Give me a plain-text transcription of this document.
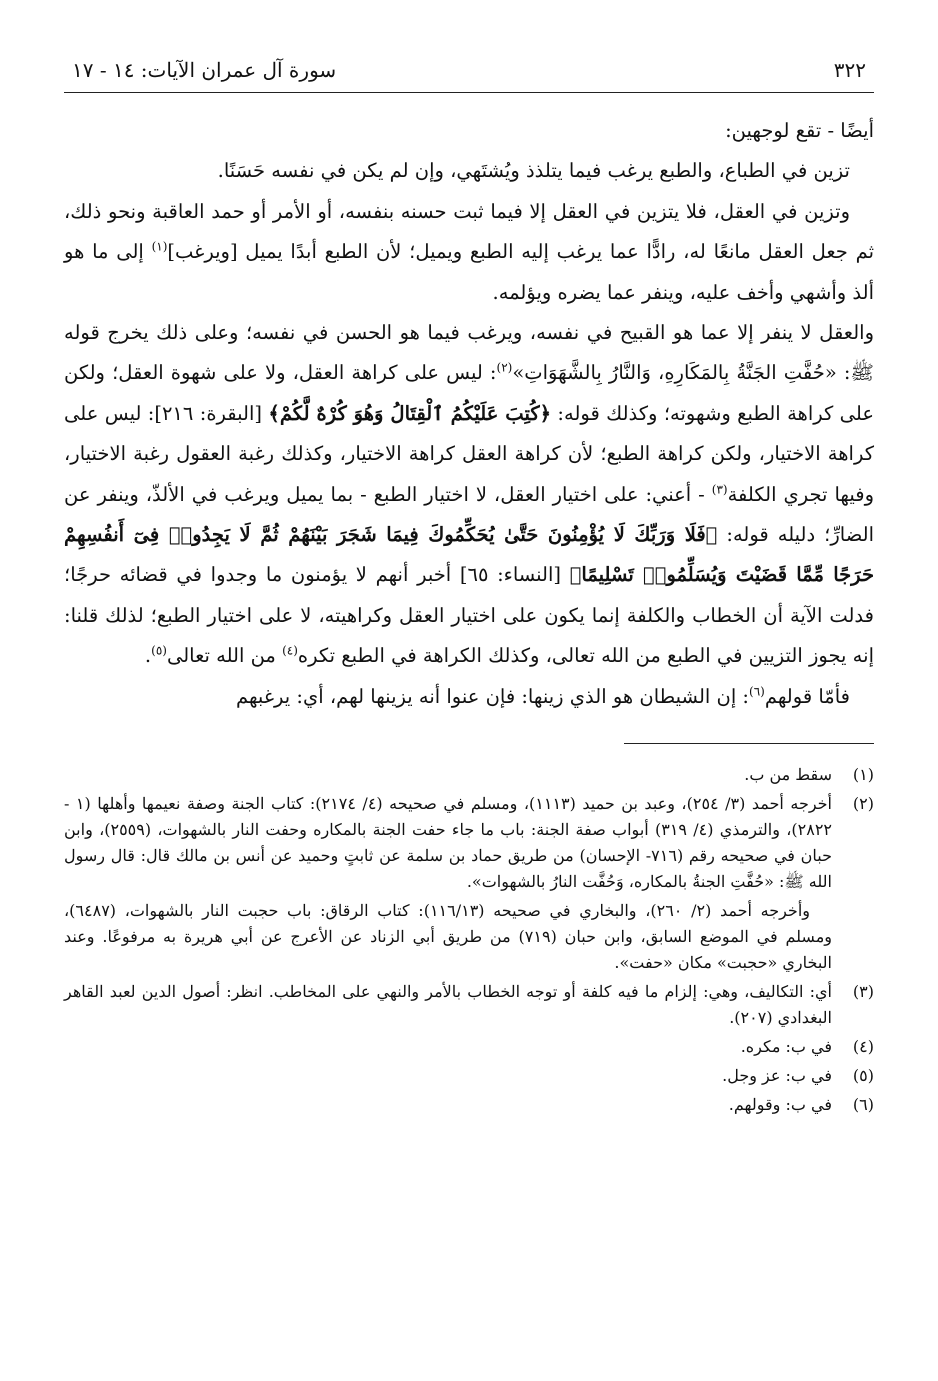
٣٢٢
سورة آل عمران الآيات: ١٤ - ١٧

أيضًا - تقع لوجهين:

تزين في الطباع، والطبع يرغب فيما يتلذذ ويُشتَهي، وإن لم يكن في نفسه حَسَنًا.

وتزين في العقل، فلا يتزين في العقل إلا فيما ثبت حسنه بنفسه، أو الأمر أو حمد العاقبة ونحو ذلك، ثم جعل العقل مانعًا له، رادًّا عما يرغب إليه الطبع ويميل؛ لأن الطبع أبدًا يميل [ويرغب]$^{(١)}$ إلى ما هو ألذ وأشهي وأخف عليه، وينفر عما يضره ويؤلمه.

والعقل لا ينفر إلا عما هو القبيح في نفسه، ويرغب فيما هو الحسن في نفسه؛ وعلى ذلك يخرج قوله ﷺ: «حُفَّتِ الجَنَّةُ بِالمَكَارِهِ، وَالنَّارُ بِالشَّهَوَاتِ»$^{(٢)}$: ليس على كراهة العقل، ولا على شهوة العقل؛ ولكن على كراهة الطبع وشهوته؛ وكذلك قوله: ﴿كُتِبَ عَلَيْكُمُ ٱلْقِتَالُ وَهُوَ كُرْهٌ لَّكُمْ﴾ [البقرة: ٢١٦]: ليس على كراهة الاختيار، ولكن كراهة الطبع؛ لأن كراهة العقل كراهة الاختيار، وكذلك رغبة العقول رغبة الاختيار، وفيها تجري الكلفة$^{(٣)}$ - أعني: على اختيار العقل، لا اختيار الطبع - بما يميل ويرغب في الألذّ، وينفر عن الضارِّ؛ دليله قوله: ﴿فَلَا وَرَبِّكَ لَا يُؤْمِنُونَ حَتَّىٰ يُحَكِّمُوكَ فِيمَا شَجَرَ بَيْنَهُمْ ثُمَّ لَا يَجِدُوا۟ فِىٓ أَنفُسِهِمْ حَرَجًا مِّمَّا قَضَيْتَ وَيُسَلِّمُوا۟ تَسْلِيمًا﴾ [النساء: ٦٥] أخبر أنهم لا يؤمنون ما وجدوا في قضائه حرجًا؛ فدلت الآية أن الخطاب والكلفة إنما يكون على اختيار العقل وكراهيته، لا على اختيار الطبع؛ لذلك قلنا: إنه يجوز التزيين في الطبع من الله تعالى، وكذلك الكراهة في الطبع تكره$^{(٤)}$ من الله تعالى$^{(٥)}$.

فأمّا قولهم$^{(٦)}$: إن الشيطان هو الذي زينها: فإن عنوا أنه يزينها لهم، أي: يرغبهم

(١)
سقط من ب.
(٢)
أخرجه أحمد (٣/ ٢٥٤)، وعبد بن حميد (١١١٣)، ومسلم في صحيحه (٤/ ٢١٧٤): كتاب الجنة وصفة نعيمها وأهلها (١ - ٢٨٢٢)، والترمذي (٤/ ٣١٩) أبواب صفة الجنة: باب ما جاء حفت الجنة بالمكاره وحفت النار بالشهوات، (٢٥٥٩)، وابن حبان في صحيحه رقم (٧١٦- الإحسان) من طريق حماد بن سلمة عن ثابتٍ وحميد عن أنس بن مالك قال: قال رسول الله ﷺ: «حُفَّتِ الجنةُ بالمكاره، وَحُفَّت النارُ بالشهوات».
وأخرجه أحمد (٢/ ٢٦٠)، والبخاري في صحيحه (١١٦/١٣): كتاب الرقاق: باب حجبت النار بالشهوات، (٦٤٨٧)، ومسلم في الموضع السابق، وابن حبان (٧١٩) من طريق أبي الزناد عن الأعرج عن أبي هريرة به مرفوعًا. وعند البخاري «حجبت» مكان «حفت».
(٣)
أي: التكاليف، وهي: إلزام ما فيه كلفة أو توجه الخطاب بالأمر والنهي على المخاطب. انظر: أصول الدين لعبد القاهر البغدادي (٢٠٧).
(٤)
في ب: مكره.
(٥)
في ب: عز وجل.
(٦)
في ب: وقولهم.
